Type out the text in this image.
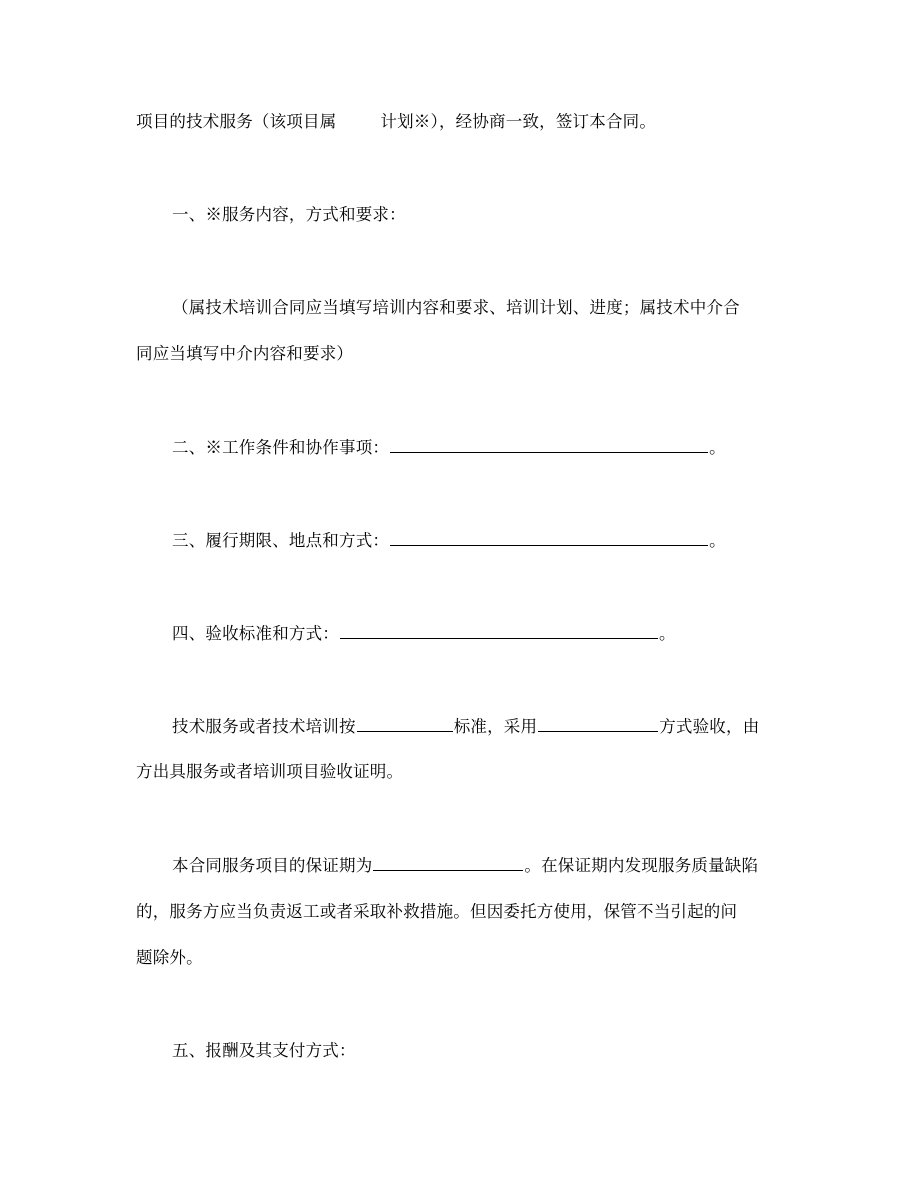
项目的技术服务（该项目属	计划※），经协商一致，签订本合同。
一、※服务内容，方式和要求：
（属技术培训合同应当填写培训内容和要求、培训计划、进度；属技术中介合
同应当填写中介内容和要求）
二、※工作条件和协作事项：	。
三、履行期限、地点和方式：	。
四、验收标准和方式：	。
技术服务或者技术培训按	标准，采用	方式验收，由
方出具服务或者培训项目验收证明。
本合同服务项目的保证期为	。在保证期内发现服务质量缺陷
的，服务方应当负责返工或者采取补救措施。但因委托方使用，保管不当引起的问
题除外。
五、报酬及其支付方式：
